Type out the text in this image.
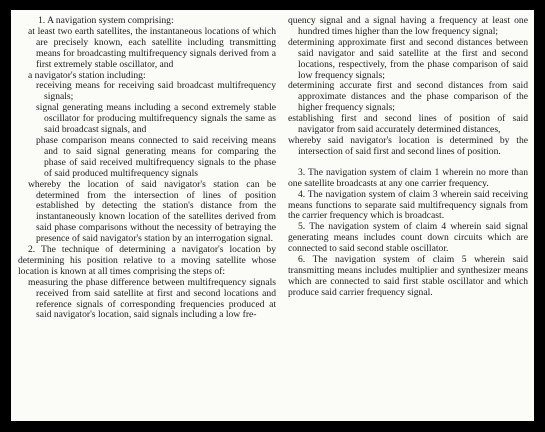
1. A navigation system comprising:

at least two earth satellites, the instantaneous locations of which are precisely known, each satellite including transmitting means for broadcasting multifrequency signals derived from a first extremely stable oscillator, and

a navigator's station including:

receiving means for receiving said broadcast multifrequency signals;

signal generating means including a second extremely stable oscillator for producing multifrequency signals the same as said broadcast signals, and

phase comparison means connected to said receiving means and to said signal generating means for comparing the phase of said received multifrequency signals to the phase of said produced multifrequency signals

whereby the location of said navigator's station can be determined from the intersection of lines of position established by detecting the station's distance from the instantaneously known location of the satellites derived from said phase comparisons without the necessity of betraying the presence of said navigator's station by an interrogation signal.

2. The technique of determining a navigator's location by determining his position relative to a moving satellite whose location is known at all times comprising the steps of:

measuring the phase difference between multifrequency signals received from said satellite at first and second locations and reference signals of corresponding frequencies produced at said navigator's location, said signals including a low fre-

quency signal and a signal having a frequency at least one hundred times higher than the low frequency signal;

determining approximate first and second distances between said navigator and said satellite at the first and second locations, respectively, from the phase comparison of said low frequency signals;

determining accurate first and second distances from said approximate distances and the phase comparison of the higher frequency signals;

establishing first and second lines of position of said navigator from said accurately determined distances,

whereby said navigator's location is determined by the intersection of said first and second lines of position.

3. The navigation system of claim 1 wherein no more than one satellite broadcasts at any one carrier frequency.

4. The navigation system of claim 3 wherein said receiving means functions to separate said multifrequency signals from the carrier frequency which is broadcast.

5. The navigation system of claim 4 wherein said signal generating means includes count down circuits which are connected to said second stable oscillator.

6. The navigation system of claim 5 wherein said transmitting means includes multiplier and synthesizer means which are connected to said first stable oscillator and which produce said carrier frequency signal.
